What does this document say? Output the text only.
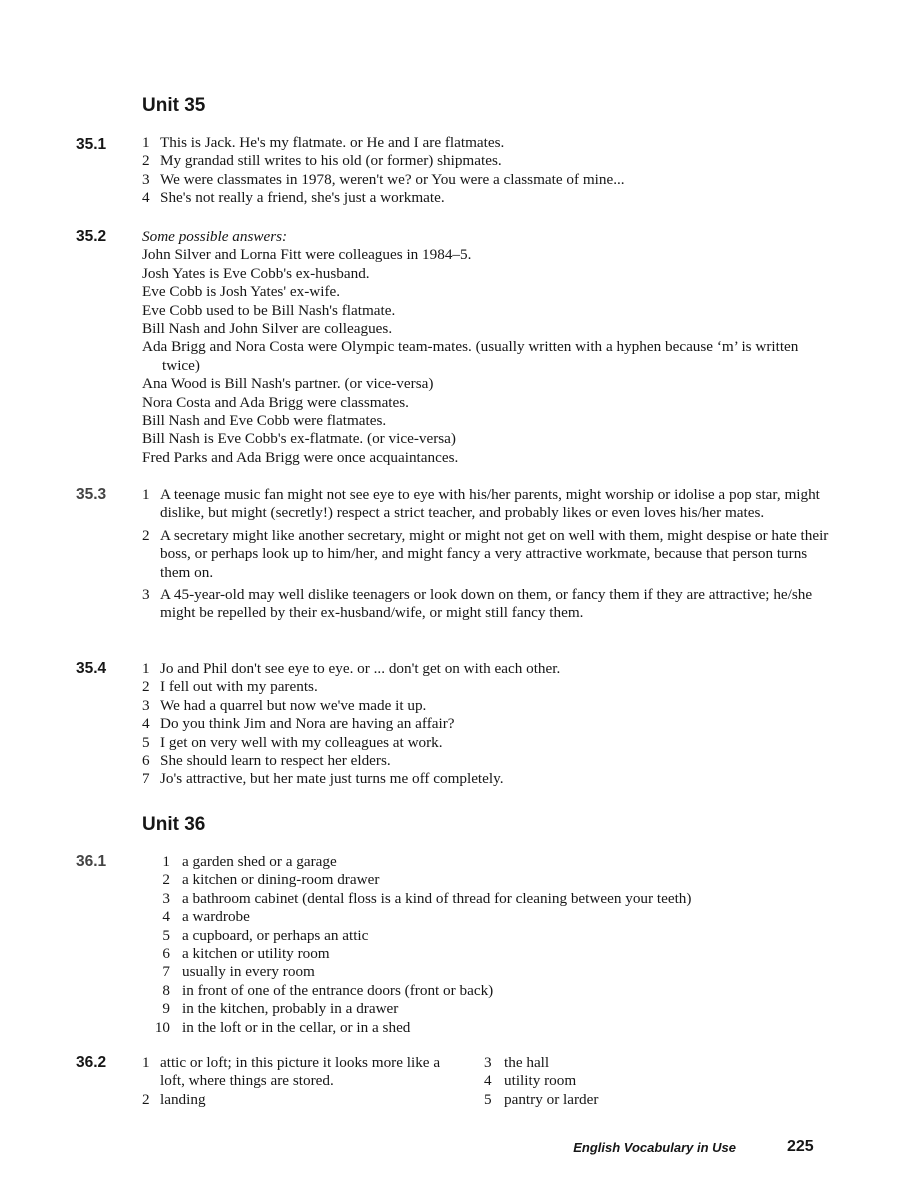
Unit 35
35.1 1 This is Jack. He's my flatmate. or He and I are flatmates.
2 My grandad still writes to his old (or former) shipmates.
3 We were classmates in 1978, weren't we? or You were a classmate of mine...
4 She's not really a friend, she's just a workmate.
35.2 Some possible answers:
John Silver and Lorna Fitt were colleagues in 1984–5.
Josh Yates is Eve Cobb's ex-husband.
Eve Cobb is Josh Yates' ex-wife.
Eve Cobb used to be Bill Nash's flatmate.
Bill Nash and John Silver are colleagues.
Ada Brigg and Nora Costa were Olympic team-mates. (usually written with a hyphen because ‘m’ is written twice)
Ana Wood is Bill Nash's partner. (or vice-versa)
Nora Costa and Ada Brigg were classmates.
Bill Nash and Eve Cobb were flatmates.
Bill Nash is Eve Cobb's ex-flatmate. (or vice-versa)
Fred Parks and Ada Brigg were once acquaintances.
35.3 1 A teenage music fan might not see eye to eye with his/her parents, might worship or idolise a pop star, might dislike, but might (secretly!) respect a strict teacher, and probably likes or even loves his/her mates.
2 A secretary might like another secretary, might or might not get on well with them, might despise or hate their boss, or perhaps look up to him/her, and might fancy a very attractive workmate, because that person turns them on.
3 A 45-year-old may well dislike teenagers or look down on them, or fancy them if they are attractive; he/she might be repelled by their ex-husband/wife, or might still fancy them.
35.4 1 Jo and Phil don't see eye to eye. or ... don't get on with each other.
2 I fell out with my parents.
3 We had a quarrel but now we've made it up.
4 Do you think Jim and Nora are having an affair?
5 I get on very well with my colleagues at work.
6 She should learn to respect her elders.
7 Jo's attractive, but her mate just turns me off completely.
Unit 36
36.1	1 a garden shed or a garage
2 a kitchen or dining-room drawer
3 a bathroom cabinet (dental floss is a kind of thread for cleaning between your teeth)
4 a wardrobe
5 a cupboard, or perhaps an attic
6 a kitchen or utility room
7 usually in every room
8 in front of one of the entrance doors (front or back)
9 in the kitchen, probably in a drawer
10 in the loft or in the cellar, or in a shed
36.2 1 attic or loft; in this picture it looks more like a loft, where things are stored.
2 landing
3 the hall
4 utility room
5 pantry or larder
English Vocabulary in Use	225
